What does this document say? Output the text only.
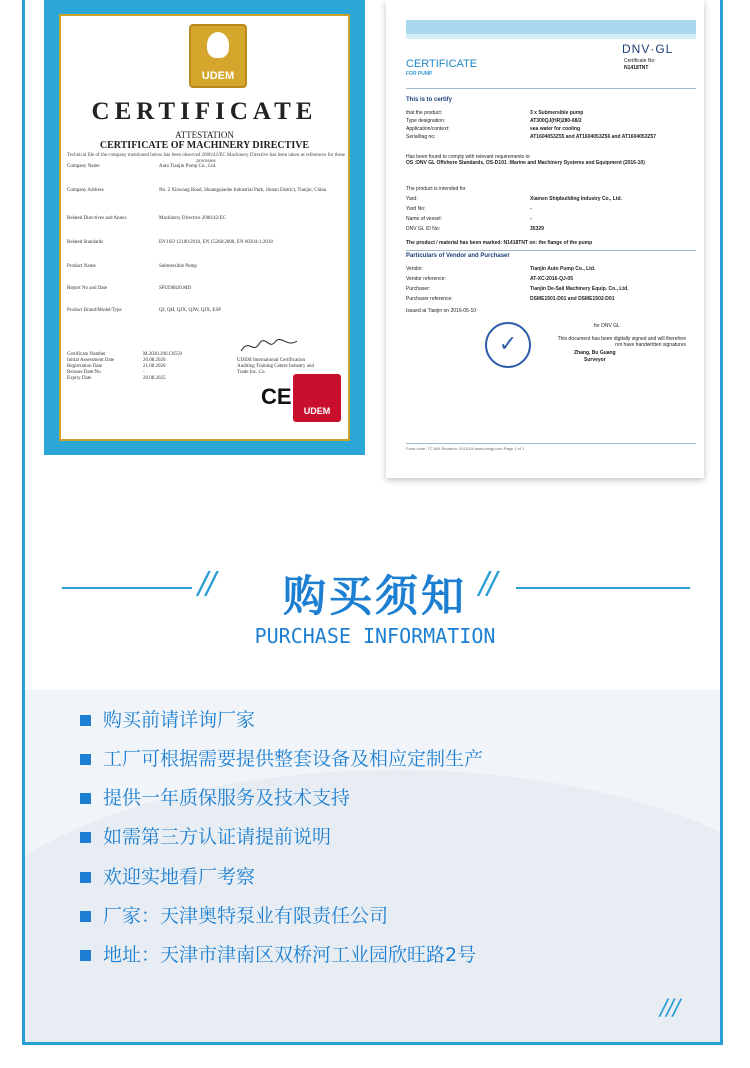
UDEM
CERTIFICATE
ATTESTATION
CERTIFICATE OF MACHINERY DIRECTIVE
Technical file of the company mentioned below has been observed 2006/42/EC Machinery Directive has been taken as references for these processes
Company Name	Auto Tianjin Pump Co., Ltd.
Company Address	No. 2 Xinwang Road, Shuangqiaohe Industrial Park, Jinnan District, Tianjin, China
Related Directives and Annex	Machinery Directive 2006/42/EC
Related Standards	EN ISO 12100:2010, EN 15268:2008, EN 60204-1:2018
Product Name	Submersible Pump
Report No and Date	SPUD0820.MD
Product Brand/Model/Type	QJ, QH, QJX, QJW, QJX, ESP
Certificate Number	M.2020.206.C8550
Initial Assessment Date	20.08.2020
Registration Date	21.08.2020
Reissue Date/No	-
Expiry Date	20.08.2025
UDEM International Certification Auditing Training Centre Industry and Trade Inc. Co.
CE
UDEM
DNV·GL
CERTIFICATE
FOR PUMP
Certificate No:
N1418TNT
This is to certify
that the product:	3 x Submersible pump
Type designation:	AT300QJ(HR)280-68/2
Application/context:	sea water for cooling
Serial/tag no:	AT1604053Z55 and AT1604053Z56 and AT1604053Z57
Has been found to comply with relevant requirements in:
OS :DNV GL Offshore Standards, OS-D101 :Marine and Machinery Systems and Equipment (2016-10)
The product is intended for
Yard:	Xiamen Shipbuilding Industry Co., Ltd.
Yard No:	-
Name of vessel:	-
DNV GL ID No:	35329
The product / material has been marked: N1418TNT on: the flange of the pump
Particulars of Vendor and Purchaser
Vendor:	Tianjin Auto Pump Co., Ltd.
Vendor reference:	AT-XC-2016-QJ-05
Purchaser:	Tianjin De-Sail Machinery Equip. Co., Ltd.
Purchaser reference:	DSME1501-D01 and DSME1502-D01
Issued at Tianjin on 2016-05-10
✓
for DNV GL
This document has been digitally signed and will therefore not have handwritten signatures
Zhang, Bu Guang
Surveyor
Form code: TC 604 Revision: 2015-04 www.dnvgl.com Page 1 of 1
//	购买须知 //
PURCHASE INFORMATION
购买前请详询厂家
工厂可根据需要提供整套设备及相应定制生产
提供一年质保服务及技术支持
如需第三方认证请提前说明
欢迎实地看厂考察
厂家：天津奥特泵业有限责任公司
地址：天津市津南区双桥河工业园欣旺路2号
///
